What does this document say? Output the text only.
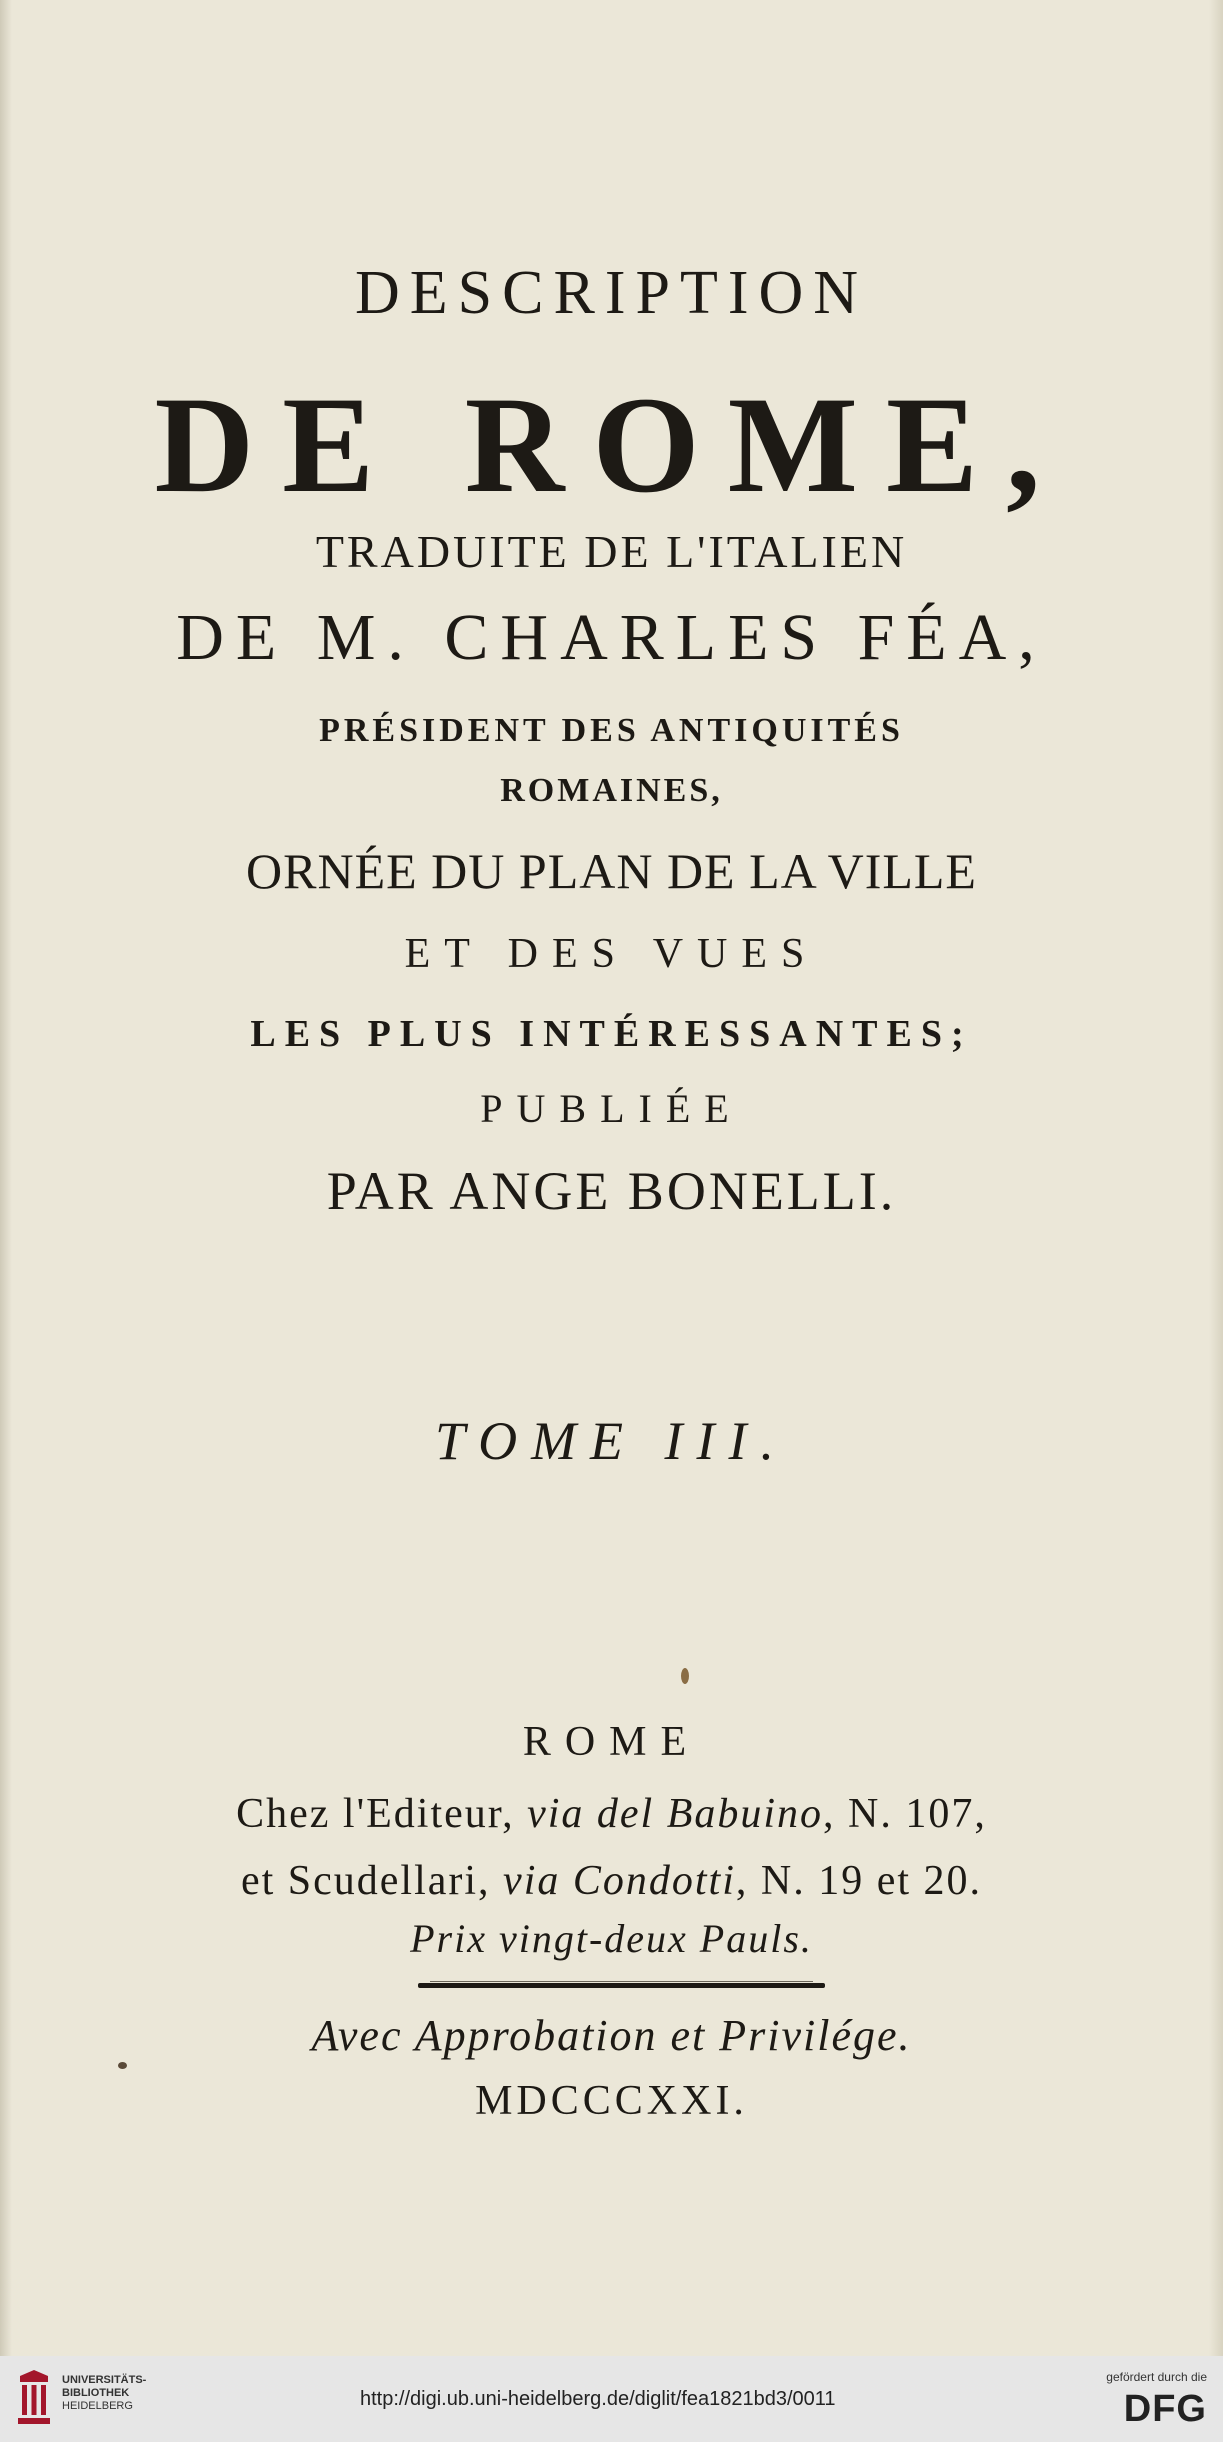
DESCRIPTION
DE ROME,
TRADUITE DE L'ITALIEN
DE M. CHARLES FÉA,
PRÉSIDENT DES ANTIQUITÉS
ROMAINES,
ORNÉE DU PLAN DE LA VILLE
ET DES VUES
LES PLUS INTÉRESSANTES;
PUBLIÉE
PAR ANGE BONELLI.
TOME III.
ROME
Chez l'Editeur, via del Babuino, N. 107,
et Scudellari, via Condotti, N. 19 et 20.
Prix vingt-deux Pauls.
Avec Approbation et Privilége.
MDCCCXXI.
UNIVERSITÄTS-
BIBLIOTHEK
HEIDELBERG	http://digi.ub.uni-heidelberg.de/diglit/fea1821bd3/0011
gefördert durch die
DFG
